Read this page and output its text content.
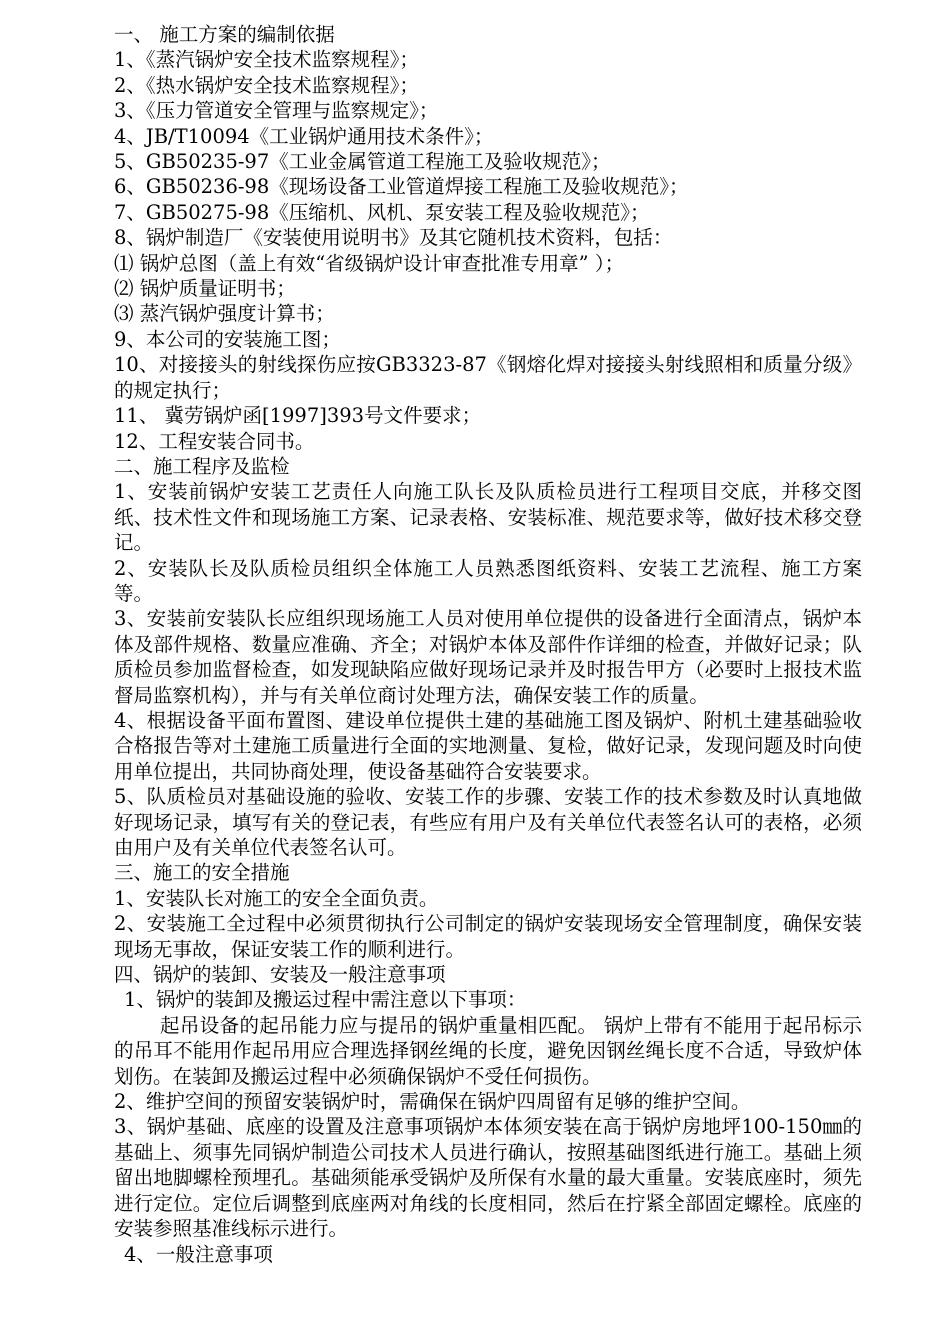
一、 施工方案的编制依据

1、《蒸汽锅炉安全技术监察规程》；

2、《热水锅炉安全技术监察规程》；

3、《压力管道安全管理与监察规定》；

4、JB/T10094《工业锅炉通用技术条件》；

5、GB50235-97《工业金属管道工程施工及验收规范》；

6、GB50236-98《现场设备工业管道焊接工程施工及验收规范》；

7、GB50275-98《压缩机、风机、泵安装工程及验收规范》；

8、锅炉制造厂《安装使用说明书》及其它随机技术资料，包括：

⑴ 锅炉总图（盖上有效“省级锅炉设计审查批准专用章” ）；

⑵ 锅炉质量证明书；

⑶ 蒸汽锅炉强度计算书；

9、本公司的安装施工图；

10、对接接头的射线探伤应按GB3323-87《钢熔化焊对接接头射线照相和质量分级》的规定执行；

11、 冀劳锅炉函[1997]393号文件要求；

12、工程安装合同书。

二、施工程序及监检

1、安装前锅炉安装工艺责任人向施工队长及队质检员进行工程项目交底，并移交图纸、技术性文件和现场施工方案、记录表格、安装标准、规范要求等，做好技术移交登记。

2、安装队长及队质检员组织全体施工人员熟悉图纸资料、安装工艺流程、施工方案等。

3、安装前安装队长应组织现场施工人员对使用单位提供的设备进行全面清点，锅炉本体及部件规格、数量应准确、齐全；对锅炉本体及部件作详细的检查，并做好记录；队质检员参加监督检查，如发现缺陷应做好现场记录并及时报告甲方（必要时上报技术监督局监察机构），并与有关单位商讨处理方法，确保安装工作的质量。

4、根据设备平面布置图、建设单位提供土建的基础施工图及锅炉、附机土建基础验收合格报告等对土建施工质量进行全面的实地测量、复检，做好记录，发现问题及时向使用单位提出，共同协商处理，使设备基础符合安装要求。

5、队质检员对基础设施的验收、安装工作的步骤、安装工作的技术参数及时认真地做好现场记录，填写有关的登记表，有些应有用户及有关单位代表签名认可的表格，必须由用户及有关单位代表签名认可。

三、施工的安全措施

1、安装队长对施工的安全全面负责。

2、安装施工全过程中必须贯彻执行公司制定的锅炉安装现场安全管理制度，确保安装现场无事故，保证安装工作的顺利进行。

四、锅炉的装卸、安装及一般注意事项

1、锅炉的装卸及搬运过程中需注意以下事项：

起吊设备的起吊能力应与提吊的锅炉重量相匹配。 锅炉上带有不能用于起吊标示的吊耳不能用作起吊用应合理选择钢丝绳的长度，避免因钢丝绳长度不合适，导致炉体划伤。在装卸及搬运过程中必须确保锅炉不受任何损伤。

2、维护空间的预留安装锅炉时，需确保在锅炉四周留有足够的维护空间。

3、锅炉基础、底座的设置及注意事项锅炉本体须安装在高于锅炉房地坪100-150㎜的基础上、须事先同锅炉制造公司技术人员进行确认，按照基础图纸进行施工。基础上须留出地脚螺栓预埋孔。基础须能承受锅炉及所保有水量的最大重量。安装底座时，须先进行定位。定位后调整到底座两对角线的长度相同，然后在拧紧全部固定螺栓。底座的安装参照基准线标示进行。

4、一般注意事项
